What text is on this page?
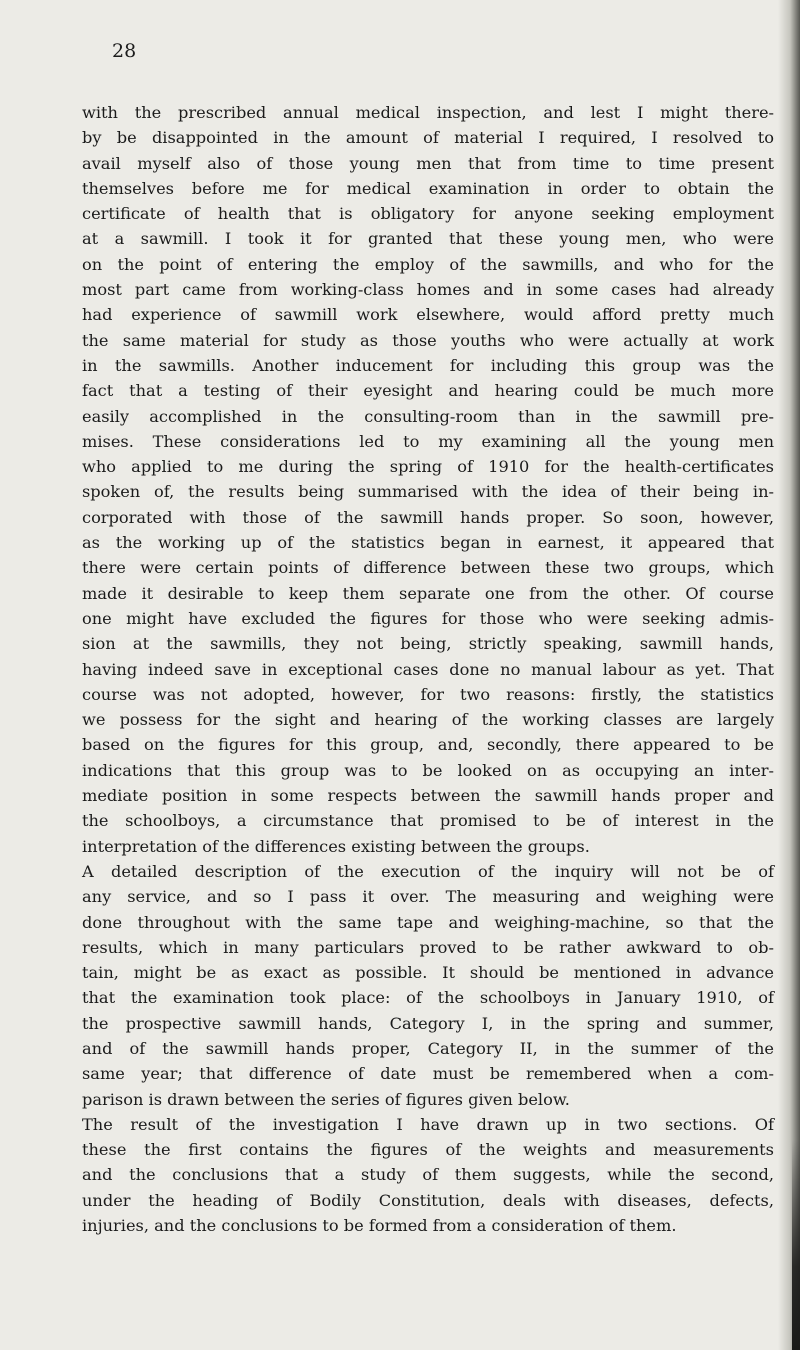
28

with the prescribed annual medical inspection, and lest I might there-
by be disappointed in the amount of material I required, I resolved to
avail myself also of those young men that from time to time present
themselves before me for medical examination in order to obtain the
certificate of health that is obligatory for anyone seeking employment
at a sawmill. I took it for granted that these young men, who were
on the point of entering the employ of the sawmills, and who for the
most part came from working-class homes and in some cases had already
had experience of sawmill work elsewhere, would afford pretty much
the same material for study as those youths who were actually at work
in the sawmills. Another inducement for including this group was the
fact that a testing of their eyesight and hearing could be much more
easily accomplished in the consulting-room than in the sawmill pre-
mises. These considerations led to my examining all the young men
who applied to me during the spring of 1910 for the health-certificates
spoken of, the results being summarised with the idea of their being in-
corporated with those of the sawmill hands proper. So soon, however,
as the working up of the statistics began in earnest, it appeared that
there were certain points of difference between these two groups, which
made it desirable to keep them separate one from the other. Of course
one might have excluded the figures for those who were seeking admis-
sion at the sawmills, they not being, strictly speaking, sawmill hands,
having indeed save in exceptional cases done no manual labour as yet. That
course was not adopted, however, for two reasons: firstly, the statistics
we possess for the sight and hearing of the working classes are largely
based on the figures for this group, and, secondly, there appeared to be
indications that this group was to be looked on as occupying an inter-
mediate position in some respects between the sawmill hands proper and
the schoolboys, a circumstance that promised to be of interest in the
interpretation of the differences existing between the groups.
A detailed description of the execution of the inquiry will not be of
any service, and so I pass it over. The measuring and weighing were
done throughout with the same tape and weighing-machine, so that the
results, which in many particulars proved to be rather awkward to ob-
tain, might be as exact as possible. It should be mentioned in advance
that the examination took place: of the schoolboys in January 1910, of
the prospective sawmill hands, Category I, in the spring and summer,
and of the sawmill hands proper, Category II, in the summer of the
same year; that difference of date must be remembered when a com-
parison is drawn between the series of figures given below.
The result of the investigation I have drawn up in two sections. Of
these the first contains the figures of the weights and measurements
and the conclusions that a study of them suggests, while the second,
under the heading of Bodily Constitution, deals with diseases, defects,
injuries, and the conclusions to be formed from a consideration of them.
